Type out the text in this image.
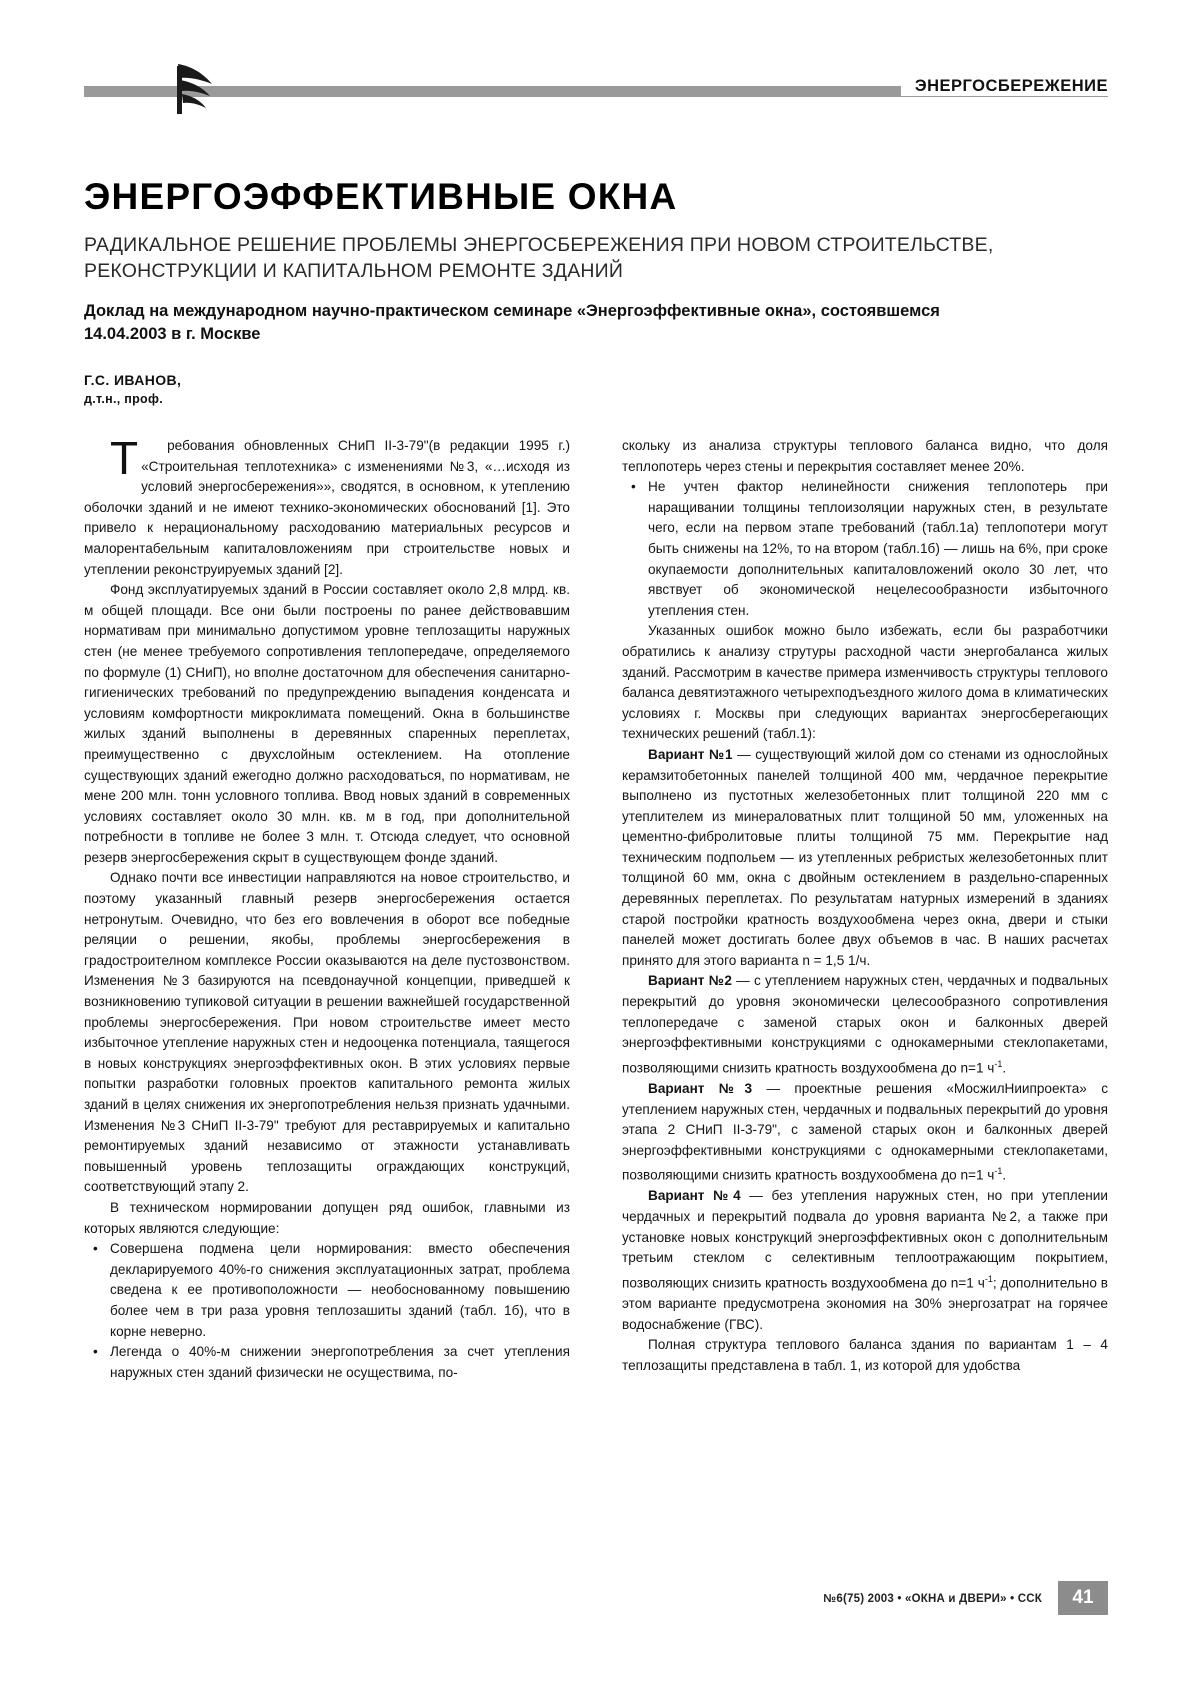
ЭНЕРГОСБЕРЕЖЕНИЕ
ЭНЕРГОЭФФЕКТИВНЫЕ ОКНА
РАДИКАЛЬНОЕ РЕШЕНИЕ ПРОБЛЕМЫ ЭНЕРГОСБЕРЕЖЕНИЯ ПРИ НОВОМ СТРОИТЕЛЬСТВЕ, РЕКОНСТРУКЦИИ И КАПИТАЛЬНОМ РЕМОНТЕ ЗДАНИЙ
Доклад на международном научно-практическом семинаре «Энергоэффективные окна», состоявшемся 14.04.2003 в г. Москве
Г.С. ИВАНОВ,
д.т.н., проф.

Т ребования обновленных СНиП II-3-79"(в редакции 1995 г.) «Строительная теплотехника» с изменениями №3, «…исходя из условий энергосбережения»», сводятся, в основном, к утеплению оболочки зданий и не имеют технико-экономических обоснований [1]. Это привело к нерациональному расходованию материальных ресурсов и малорентабельным капиталовложениям при строительстве новых и утеплении реконструируемых зданий [2].

Фонд эксплуатируемых зданий в России составляет около 2,8 млрд. кв. м общей площади. Все они были построены по ранее действовавшим нормативам при минимально допустимом уровне теплозащиты наружных стен (не менее требуемого сопротивления теплопередаче, определяемого по формуле (1) СНиП), но вполне достаточном для обеспечения санитарно-гигиенических требований по предупреждению выпадения конденсата и условиям комфортности микроклимата помещений. Окна в большинстве жилых зданий выполнены в деревянных спаренных переплетах, преимущественно с двухслойным остеклением. На отопление существующих зданий ежегодно должно расходоваться, по нормативам, не мене 200 млн. тонн условного топлива. Ввод новых зданий в современных условиях составляет около 30 млн. кв. м в год, при дополнительной потребности в топливе не более 3 млн. т. Отсюда следует, что основной резерв энергосбережения скрыт в существующем фонде зданий.

Однако почти все инвестиции направляются на новое строительство, и поэтому указанный главный резерв энергосбережения остается нетронутым. Очевидно, что без его вовлечения в оборот все победные реляции о решении, якобы, проблемы энергосбережения в градостроителном комплексе России оказываются на деле пустозвонством. Изменения №3 базируются на псевдонаучной концепции, приведшей к возникновению тупиковой ситуации в решении важнейшей государственной проблемы энергосбережения. При новом строительстве имеет место избыточное утепление наружных стен и недооценка потенциала, таящегося в новых конструкциях энергоэффективных окон. В этих условиях первые попытки разработки головных проектов капитального ремонта жилых зданий в целях снижения их энергопотребления нельзя признать удачными. Изменения №3 СНиП II-3-79" требуют для реставрируемых и капитально ремонтируемых зданий независимо от этажности устанавливать повышенный уровень теплозащиты ограждающих конструкций, соответствующий этапу 2.

В техническом нормировании допущен ряд ошибок, главными из которых являются следующие:

• Совершена подмена цели нормирования: вместо обеспечения декларируемого 40%-го снижения эксплуатационных затрат, проблема сведена к ее противоположности — необоснованному повышению более чем в три раза уровня теплозашиты зданий (табл. 1б), что в корне неверно.

• Легенда о 40%-м снижении энергопотребления за счет утепления наружных стен зданий физически не осуществима, по-

скольку из анализа структуры теплового баланса видно, что доля теплопотерь через стены и перекрытия составляет менее 20%.

• Не учтен фактор нелинейности снижения теплопотерь при наращивании толщины теплоизоляции наружных стен, в результате чего, если на первом этапе требований (табл.1а) теплопотери могут быть снижены на 12%, то на втором (табл.1б) — лишь на 6%, при сроке окупаемости дополнительных капиталовложений около 30 лет, что явствует об экономической нецелесообразности избыточного утепления стен.

Указанных ошибок можно было избежать, если бы разработчики обратились к анализу струтуры расходной части энергобаланса жилых зданий. Рассмотрим в качестве примера изменчивость структуры теплового баланса девятиэтажного четырехподъездного жилого дома в климатических условиях г. Москвы при следующих вариантах энергосберегающих технических решений (табл.1):

Вариант №1 — существующий жилой дом со стенами из однослойных керамзитобетонных панелей толщиной 400 мм, чердачное перекрытие выполнено из пустотных железобетонных плит толщиной 220 мм с утеплителем из минераловатных плит толщиной 50 мм, уложенных на цементно-фибролитовые плиты толщиной 75 мм. Перекрытие над техническим подпольем — из утепленных ребристых железобетонных плит толщиной 60 мм, окна с двойным остеклением в раздельно-спаренных деревянных переплетах. По результатам натурных измерений в зданиях старой постройки кратность воздухообмена через окна, двери и стыки панелей может достигать более двух объемов в час. В наших расчетах принято для этого варианта n = 1,5 1/ч.

Вариант №2 — с утеплением наружных стен, чердачных и подвальных перекрытий до уровня экономически целесообразного сопротивления теплопередаче с заменой старых окон и балконных дверей энергоэффективными конструкциями с однокамерными стеклопакетами, позволяющими снизить кратность воздухообмена до n=1 $ч^{-1}$.

Вариант №3 — проектные решения «МосжилНиипроекта» с утеплением наружных стен, чердачных и подвальных перекрытий до уровня этапа 2 СНиП II-3-79", с заменой старых окон и балконных дверей энергоэффективными конструкциями с однокамерными стеклопакетами, позволяющими снизить кратность воздухообмена до n=1 $ч^{-1}$.

Вариант №4 — без утепления наружных стен, но при утеплении чердачных и перекрытий подвала до уровня варианта №2, а также при установке новых конструкций энергоэффективных окон с дополнительным третьим стеклом с селективным теплоотражающим покрытием, позволяющих снизить кратность воздухообмена до n=1 $ч^{-1}$; дополнительно в этом варианте предусмотрена экономия на 30% энергозатрат на горячее водоснабжение (ГВС).

Полная структура теплового баланса здания по вариантам 1 – 4 теплозащиты представлена в табл. 1, из которой для удобства

№6(75) 2003 • «ОКНА и ДВЕРИ» • ССК	41
